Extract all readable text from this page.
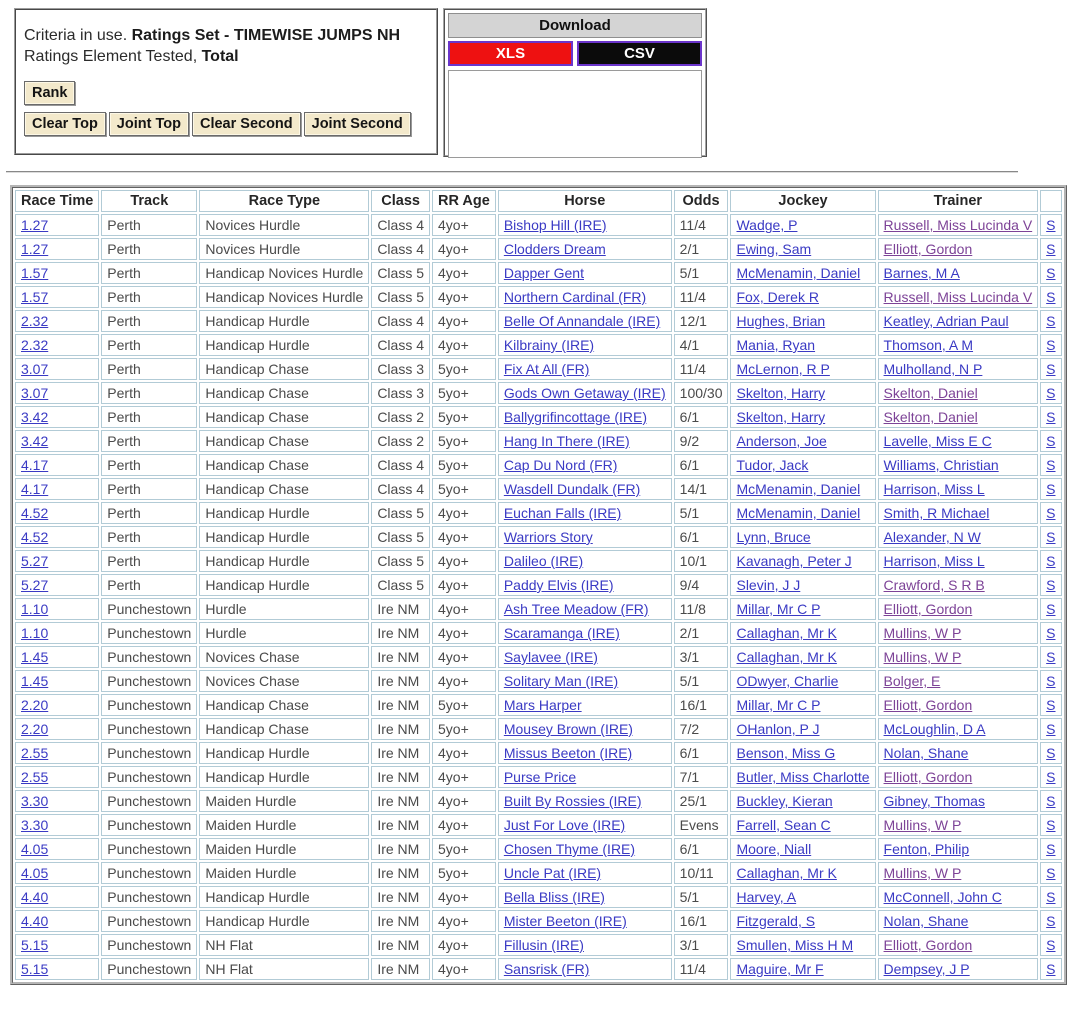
Criteria in use. Ratings Set - TIMEWISE JUMPS NH
Ratings Element Tested, Total
Rank
Clear Top	Joint Top	Clear Second	Joint Second
Download
XLS	CSV
Race Time	Track	Race Type	Class	RR Age	Horse	Odds	Jockey	Trainer	
1.27	Perth	Novices Hurdle	Class 4	4yo+	Bishop Hill (IRE)	11/4	Wadge, P	Russell, Miss Lucinda V	S
1.27	Perth	Novices Hurdle	Class 4	4yo+	Clodders Dream	2/1	Ewing, Sam	Elliott, Gordon	S
1.57	Perth	Handicap Novices Hurdle	Class 5	4yo+	Dapper Gent	5/1	McMenamin, Daniel	Barnes, M A	S
1.57	Perth	Handicap Novices Hurdle	Class 5	4yo+	Northern Cardinal (FR)	11/4	Fox, Derek R	Russell, Miss Lucinda V	S
2.32	Perth	Handicap Hurdle	Class 4	4yo+	Belle Of Annandale (IRE)	12/1	Hughes, Brian	Keatley, Adrian Paul	S
2.32	Perth	Handicap Hurdle	Class 4	4yo+	Kilbrainy (IRE)	4/1	Mania, Ryan	Thomson, A M	S
3.07	Perth	Handicap Chase	Class 3	5yo+	Fix At All (FR)	11/4	McLernon, R P	Mulholland, N P	S
3.07	Perth	Handicap Chase	Class 3	5yo+	Gods Own Getaway (IRE)	100/30	Skelton, Harry	Skelton, Daniel	S
3.42	Perth	Handicap Chase	Class 2	5yo+	Ballygrifincottage (IRE)	6/1	Skelton, Harry	Skelton, Daniel	S
3.42	Perth	Handicap Chase	Class 2	5yo+	Hang In There (IRE)	9/2	Anderson, Joe	Lavelle, Miss E C	S
4.17	Perth	Handicap Chase	Class 4	5yo+	Cap Du Nord (FR)	6/1	Tudor, Jack	Williams, Christian	S
4.17	Perth	Handicap Chase	Class 4	5yo+	Wasdell Dundalk (FR)	14/1	McMenamin, Daniel	Harrison, Miss L	S
4.52	Perth	Handicap Hurdle	Class 5	4yo+	Euchan Falls (IRE)	5/1	McMenamin, Daniel	Smith, R Michael	S
4.52	Perth	Handicap Hurdle	Class 5	4yo+	Warriors Story	6/1	Lynn, Bruce	Alexander, N W	S
5.27	Perth	Handicap Hurdle	Class 5	4yo+	Dalileo (IRE)	10/1	Kavanagh, Peter J	Harrison, Miss L	S
5.27	Perth	Handicap Hurdle	Class 5	4yo+	Paddy Elvis (IRE)	9/4	Slevin, J J	Crawford, S R B	S
1.10	Punchestown	Hurdle	Ire NM	4yo+	Ash Tree Meadow (FR)	11/8	Millar, Mr C P	Elliott, Gordon	S
1.10	Punchestown	Hurdle	Ire NM	4yo+	Scaramanga (IRE)	2/1	Callaghan, Mr K	Mullins, W P	S
1.45	Punchestown	Novices Chase	Ire NM	4yo+	Saylavee (IRE)	3/1	Callaghan, Mr K	Mullins, W P	S
1.45	Punchestown	Novices Chase	Ire NM	4yo+	Solitary Man (IRE)	5/1	ODwyer, Charlie	Bolger, E	S
2.20	Punchestown	Handicap Chase	Ire NM	5yo+	Mars Harper	16/1	Millar, Mr C P	Elliott, Gordon	S
2.20	Punchestown	Handicap Chase	Ire NM	5yo+	Mousey Brown (IRE)	7/2	OHanlon, P J	McLoughlin, D A	S
2.55	Punchestown	Handicap Hurdle	Ire NM	4yo+	Missus Beeton (IRE)	6/1	Benson, Miss G	Nolan, Shane	S
2.55	Punchestown	Handicap Hurdle	Ire NM	4yo+	Purse Price	7/1	Butler, Miss Charlotte	Elliott, Gordon	S
3.30	Punchestown	Maiden Hurdle	Ire NM	4yo+	Built By Rossies (IRE)	25/1	Buckley, Kieran	Gibney, Thomas	S
3.30	Punchestown	Maiden Hurdle	Ire NM	4yo+	Just For Love (IRE)	Evens	Farrell, Sean C	Mullins, W P	S
4.05	Punchestown	Maiden Hurdle	Ire NM	5yo+	Chosen Thyme (IRE)	6/1	Moore, Niall	Fenton, Philip	S
4.05	Punchestown	Maiden Hurdle	Ire NM	5yo+	Uncle Pat (IRE)	10/11	Callaghan, Mr K	Mullins, W P	S
4.40	Punchestown	Handicap Hurdle	Ire NM	4yo+	Bella Bliss (IRE)	5/1	Harvey, A	McConnell, John C	S
4.40	Punchestown	Handicap Hurdle	Ire NM	4yo+	Mister Beeton (IRE)	16/1	Fitzgerald, S	Nolan, Shane	S
5.15	Punchestown	NH Flat	Ire NM	4yo+	Fillusin (IRE)	3/1	Smullen, Miss H M	Elliott, Gordon	S
5.15	Punchestown	NH Flat	Ire NM	4yo+	Sansrisk (FR)	11/4	Maguire, Mr F	Dempsey, J P	S
